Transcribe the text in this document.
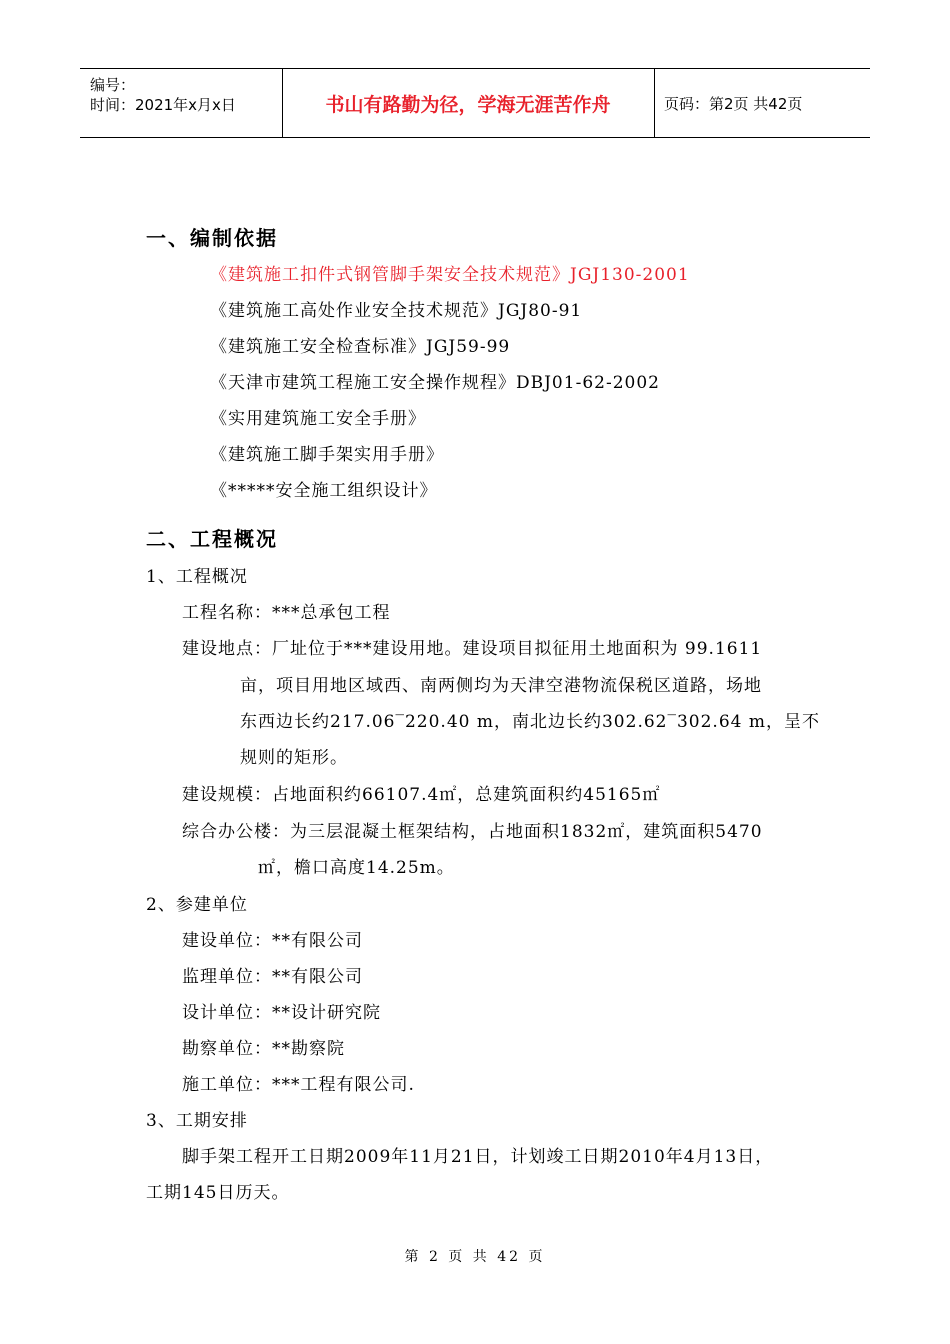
编号：
时间：2021年x月x日	书山有路勤为径，学海无涯苦作舟	页码：第2页 共42页
一、编制依据
《建筑施工扣件式钢管脚手架安全技术规范》JGJ130-2001
《建筑施工高处作业安全技术规范》JGJ80-91
《建筑施工安全检查标准》JGJ59-99
《天津市建筑工程施工安全操作规程》DBJ01-62-2002
《实用建筑施工安全手册》
《建筑施工脚手架实用手册》
《*****安全施工组织设计》
二、工程概况
1、工程概况
工程名称：***总承包工程
建设地点：厂址位于***建设用地。建设项目拟征用土地面积为 99.1611
亩，项目用地区域西、南两侧均为天津空港物流保税区道路，场地
东西边长约217.06‾220.40 m，南北边长约302.62‾302.64 m，呈不
规则的矩形。
建设规模：占地面积约66107.4㎡，总建筑面积约45165㎡
综合办公楼：为三层混凝土框架结构，占地面积1832㎡，建筑面积5470
㎡，檐口高度14.25m。
2、参建单位
建设单位：**有限公司
监理单位：**有限公司
设计单位：**设计研究院
勘察单位：**勘察院
施工单位：***工程有限公司.
3、工期安排
脚手架工程开工日期2009年11月21日，计划竣工日期2010年4月13日，
工期145日历天。
第 2 页 共 42 页
